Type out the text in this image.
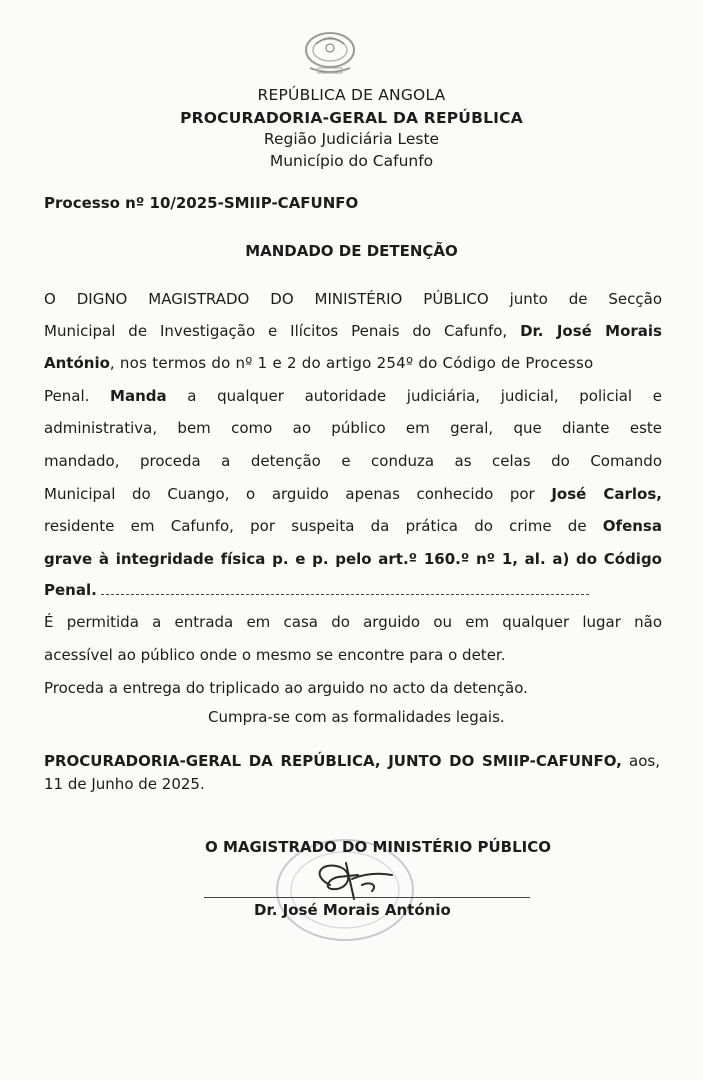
REPÚBLICA DE ANGOLA
PROCURADORIA-GERAL DA REPÚBLICA
Região Judiciária Leste
Município do Cafunfo
Processo nº 10/2025-SMIIP-CAFUNFO
MANDADO DE DETENÇÃO
O DIGNO MAGISTRADO DO MINISTÉRIO PÚBLICO junto de Secção
Municipal de Investigação e Ilícitos Penais do Cafunfo, Dr. José Morais
António, nos termos do nº 1 e 2 do artigo 254º do Código de Processo
Penal. Manda a qualquer autoridade judiciária, judicial, policial e
administrativa, bem como ao público em geral, que diante este
mandado, proceda a detenção e conduza as celas do Comando
Municipal do Cuango, o arguido apenas conhecido por José Carlos,
residente em Cafunfo, por suspeita da prática do crime de Ofensa
grave à integridade física p. e p. pelo art.º 160.º nº 1, al. a) do Código
Penal.
É permitida a entrada em casa do arguido ou em qualquer lugar não
acessível ao público onde o mesmo se encontre para o deter.
Proceda a entrega do triplicado ao arguido no acto da detenção.
Cumpra-se com as formalidades legais.
PROCURADORIA-GERAL DA REPÚBLICA, JUNTO DO SMIIP-CAFUNFO, aos,
11 de Junho de 2025.
O MAGISTRADO DO MINISTÉRIO PÚBLICO
Dr. José Morais António
